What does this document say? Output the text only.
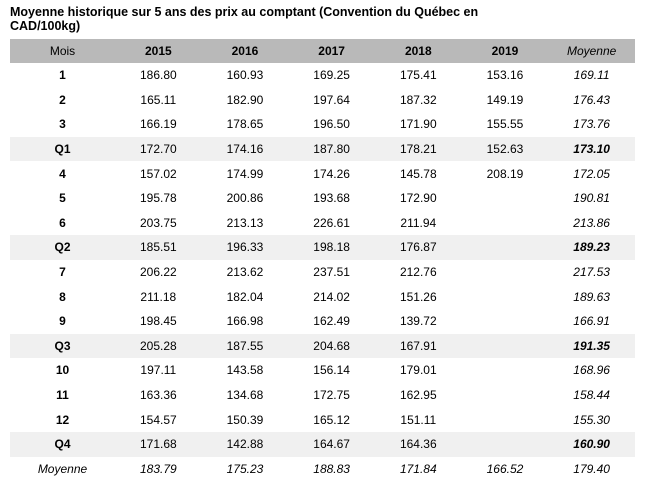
Moyenne historique sur 5 ans des prix au comptant (Convention du Québec en CAD/100kg)
Mois	2015	2016	2017	2018	2019	Moyenne
1	186.80	160.93	169.25	175.41	153.16	169.11
2	165.11	182.90	197.64	187.32	149.19	176.43
3	166.19	178.65	196.50	171.90	155.55	173.76
Q1	172.70	174.16	187.80	178.21	152.63	173.10
4	157.02	174.99	174.26	145.78	208.19	172.05
5	195.78	200.86	193.68	172.90		190.81
6	203.75	213.13	226.61	211.94		213.86
Q2	185.51	196.33	198.18	176.87		189.23
7	206.22	213.62	237.51	212.76		217.53
8	211.18	182.04	214.02	151.26		189.63
9	198.45	166.98	162.49	139.72		166.91
Q3	205.28	187.55	204.68	167.91		191.35
10	197.11	143.58	156.14	179.01		168.96
11	163.36	134.68	172.75	162.95		158.44
12	154.57	150.39	165.12	151.11		155.30
Q4	171.68	142.88	164.67	164.36		160.90
Moyenne	183.79	175.23	188.83	171.84	166.52	179.40
